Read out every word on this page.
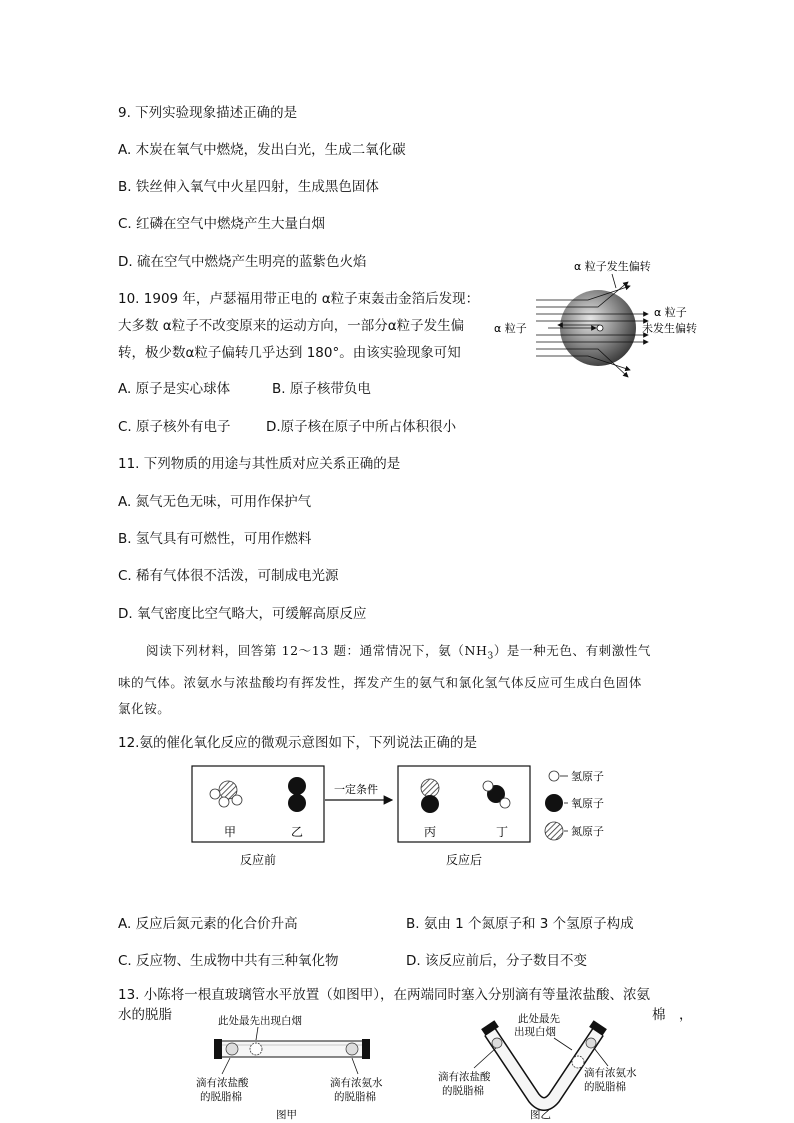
9. 下列实验现象描述正确的是
A. 木炭在氧气中燃烧，发出白光，生成二氧化碳
B. 铁丝伸入氧气中火星四射，生成黑色固体
C. 红磷在空气中燃烧产生大量白烟
D. 硫在空气中燃烧产生明亮的蓝紫色火焰
10. 1909 年，卢瑟福用带正电的 α粒子束轰击金箔后发现：
大多数 α粒子不改变原来的运动方向，一部分α粒子发生偏
转，极少数α粒子偏转几乎达到 180°。由该实验现象可知
A. 原子是实心球体	B. 原子核带负电
C. 原子核外有电子	D.原子核在原子中所占体积很小
α 粒子发生偏转
α 粒子
α 粒子
未发生偏转
11. 下列物质的用途与其性质对应关系正确的是
A. 氮气无色无味，可用作保护气
B. 氢气具有可燃性，可用作燃料
C. 稀有气体很不活泼，可制成电光源
D. 氧气密度比空气略大，可缓解高原反应
阅读下列材料，回答第 12～13 题：通常情况下，氨$(NH_3)$是一种无色、有刺激性气
味的气体。浓氨水与浓盐酸均有挥发性，挥发产生的氨气和氯化氢气体反应可生成白色固体
氯化铵。
12.氨的催化氧化反应的微观示意图如下，下列说法正确的是
甲	乙
一定条件
丙	丁
反应前	反应后
氢原子
氧原子
氮原子
A. 反应后氮元素的化合价升高	B. 氨由 1 个氮原子和 3 个氢原子构成
C. 反应物、生成物中共有三种氧化物	D. 该反应前后，分子数目不变
13. 小陈将一根直玻璃管水平放置（如图甲），在两端同时塞入分别滴有等量浓盐酸、浓氨
水的脱脂	棉　，
此处最先出现白烟
滴有浓盐酸
的脱脂棉
滴有浓氨水
的脱脂棉
图甲
此处最先
出现白烟
滴有浓盐酸
的脱脂棉
滴有浓氨水
的脱脂棉
图乙
